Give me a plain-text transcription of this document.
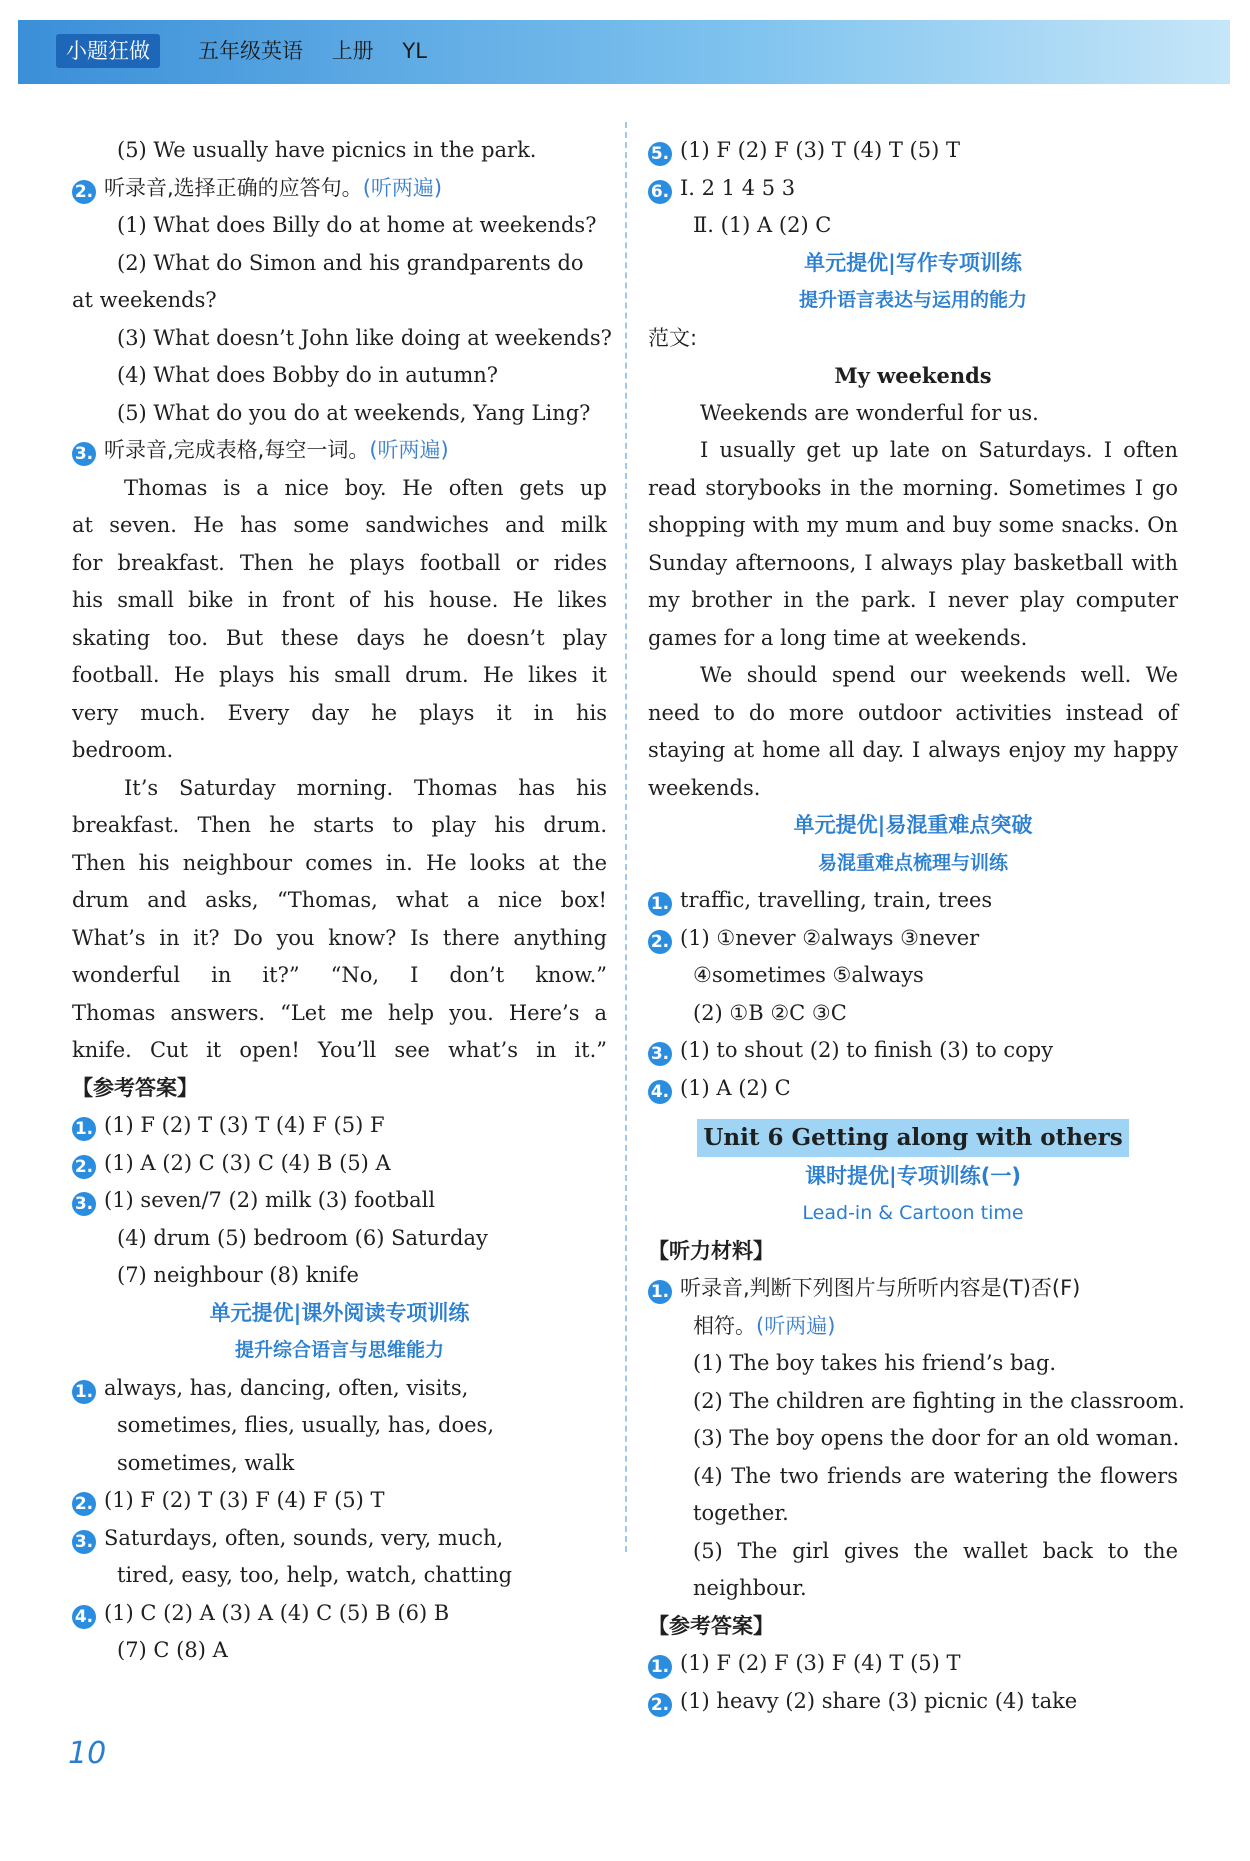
小题狂做	五年级英语 上册 YL
(5) We usually have picnics in the park.
2. 听录音,选择正确的应答句。(听两遍)
(1) What does Billy do at home at weekends?
(2) What do Simon and his grandparents do
at weekends?
(3) What doesn’t John like doing at weekends?
(4) What does Bobby do in autumn?
(5) What do you do at weekends, Yang Ling?
3. 听录音,完成表格,每空一词。(听两遍)
Thomas is a nice boy. He often gets up
at seven. He has some sandwiches and milk
for breakfast. Then he plays football or rides
his small bike in front of his house. He likes
skating too. But these days he doesn’t play
football. He plays his small drum. He likes it
very much. Every day he plays it in his
bedroom.
It’s Saturday morning. Thomas has his
breakfast. Then he starts to play his drum.
Then his neighbour comes in. He looks at the
drum and asks, “Thomas, what a nice box!
What’s in it? Do you know? Is there anything
wonderful in it?” “No, I don’t know.”
Thomas answers. “Let me help you. Here’s a
knife. Cut it open! You’ll see what’s in it.”
【参考答案】
1. (1) F (2) T (3) T (4) F (5) F
2. (1) A (2) C (3) C (4) B (5) A
3. (1) seven/7 (2) milk (3) football
(4) drum (5) bedroom (6) Saturday
(7) neighbour (8) knife
单元提优|课外阅读专项训练
提升综合语言与思维能力
1. always, has, dancing, often, visits,
sometimes, flies, usually, has, does,
sometimes, walk
2. (1) F (2) T (3) F (4) F (5) T
3. Saturdays, often, sounds, very, much,
tired, easy, too, help, watch, chatting
4. (1) C (2) A (3) A (4) C (5) B (6) B
(7) C (8) A
5. (1) F (2) F (3) T (4) T (5) T
6. Ⅰ. 2 1 4 5 3
Ⅱ. (1) A (2) C
单元提优|写作专项训练
提升语言表达与运用的能力
范文:
My weekends
Weekends are wonderful for us.
I usually get up late on Saturdays. I often
read storybooks in the morning. Sometimes I go
shopping with my mum and buy some snacks. On
Sunday afternoons, I always play basketball with
my brother in the park. I never play computer
games for a long time at weekends.
We should spend our weekends well. We
need to do more outdoor activities instead of
staying at home all day. I always enjoy my happy
weekends.
单元提优|易混重难点突破
易混重难点梳理与训练
1. traffic, travelling, train, trees
2. (1) ①never ②always ③never
④sometimes ⑤always
(2) ①B ②C ③C
3. (1) to shout (2) to finish (3) to copy
4. (1) A (2) C
Unit 6 Getting along with others
课时提优|专项训练(一)
Lead-in & Cartoon time
【听力材料】
1. 听录音,判断下列图片与所听内容是(T)否(F)
相符。(听两遍)
(1) The boy takes his friend’s bag.
(2) The children are fighting in the classroom.
(3) The boy opens the door for an old woman.
(4) The two friends are watering the flowers
together.
(5) The girl gives the wallet back to the
neighbour.
【参考答案】
1. (1) F (2) F (3) F (4) T (5) T
2. (1) heavy (2) share (3) picnic (4) take
10
